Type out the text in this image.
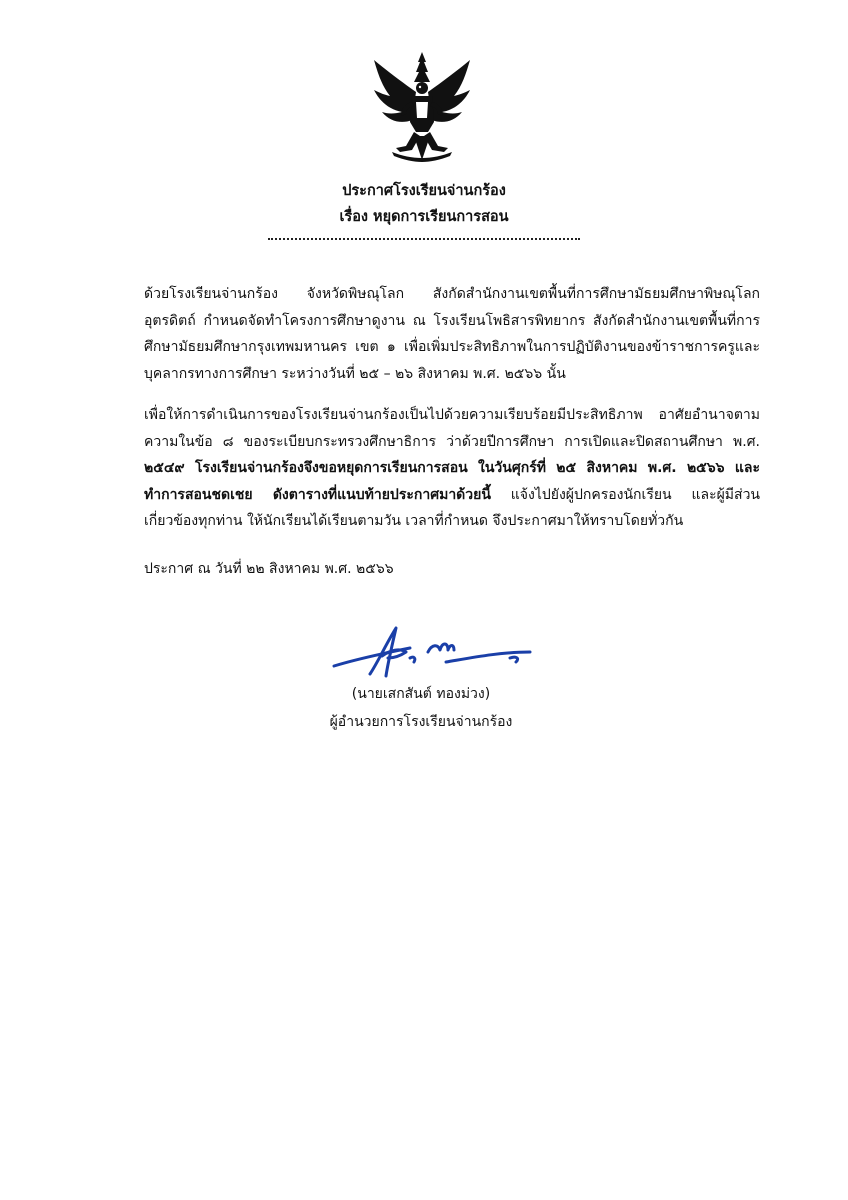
ประกาศโรงเรียนจ่านกร้อง
เรื่อง หยุดการเรียนการสอน
ด้วยโรงเรียนจ่านกร้อง จังหวัดพิษณุโลก สังกัดสำนักงานเขตพื้นที่การศึกษามัธยมศึกษาพิษณุโลก อุตรดิตถ์ กำหนดจัดทำโครงการศึกษาดูงาน ณ โรงเรียนโพธิสารพิทยากร สังกัดสำนักงานเขตพื้นที่การศึกษามัธยมศึกษากรุงเทพมหานคร เขต ๑ เพื่อเพิ่มประสิทธิภาพในการปฏิบัติงานของข้าราชการครูและบุคลากรทางการศึกษา ระหว่างวันที่ ๒๕ – ๒๖ สิงหาคม พ.ศ. ๒๕๖๖ นั้น
เพื่อให้การดำเนินการของโรงเรียนจ่านกร้องเป็นไปด้วยความเรียบร้อยมีประสิทธิภาพ อาศัยอำนาจตามความในข้อ ๘ ของระเบียบกระทรวงศึกษาธิการ ว่าด้วยปีการศึกษา การเปิดและปิดสถานศึกษา พ.ศ. ๒๕๔๙ โรงเรียนจ่านกร้องจึงขอหยุดการเรียนการสอน ในวันศุกร์ที่ ๒๕ สิงหาคม พ.ศ. ๒๕๖๖ และทำการสอนชดเชย ดังตารางที่แนบท้ายประกาศมาด้วยนี้ แจ้งไปยังผู้ปกครองนักเรียน และผู้มีส่วนเกี่ยวข้องทุกท่าน ให้นักเรียนได้เรียนตามวัน เวลาที่กำหนด จึงประกาศมาให้ทราบโดยทั่วกัน
ประกาศ ณ วันที่ ๒๒ สิงหาคม พ.ศ. ๒๕๖๖
(นายเสกสันต์ ทองม่วง)
ผู้อำนวยการโรงเรียนจ่านกร้อง
